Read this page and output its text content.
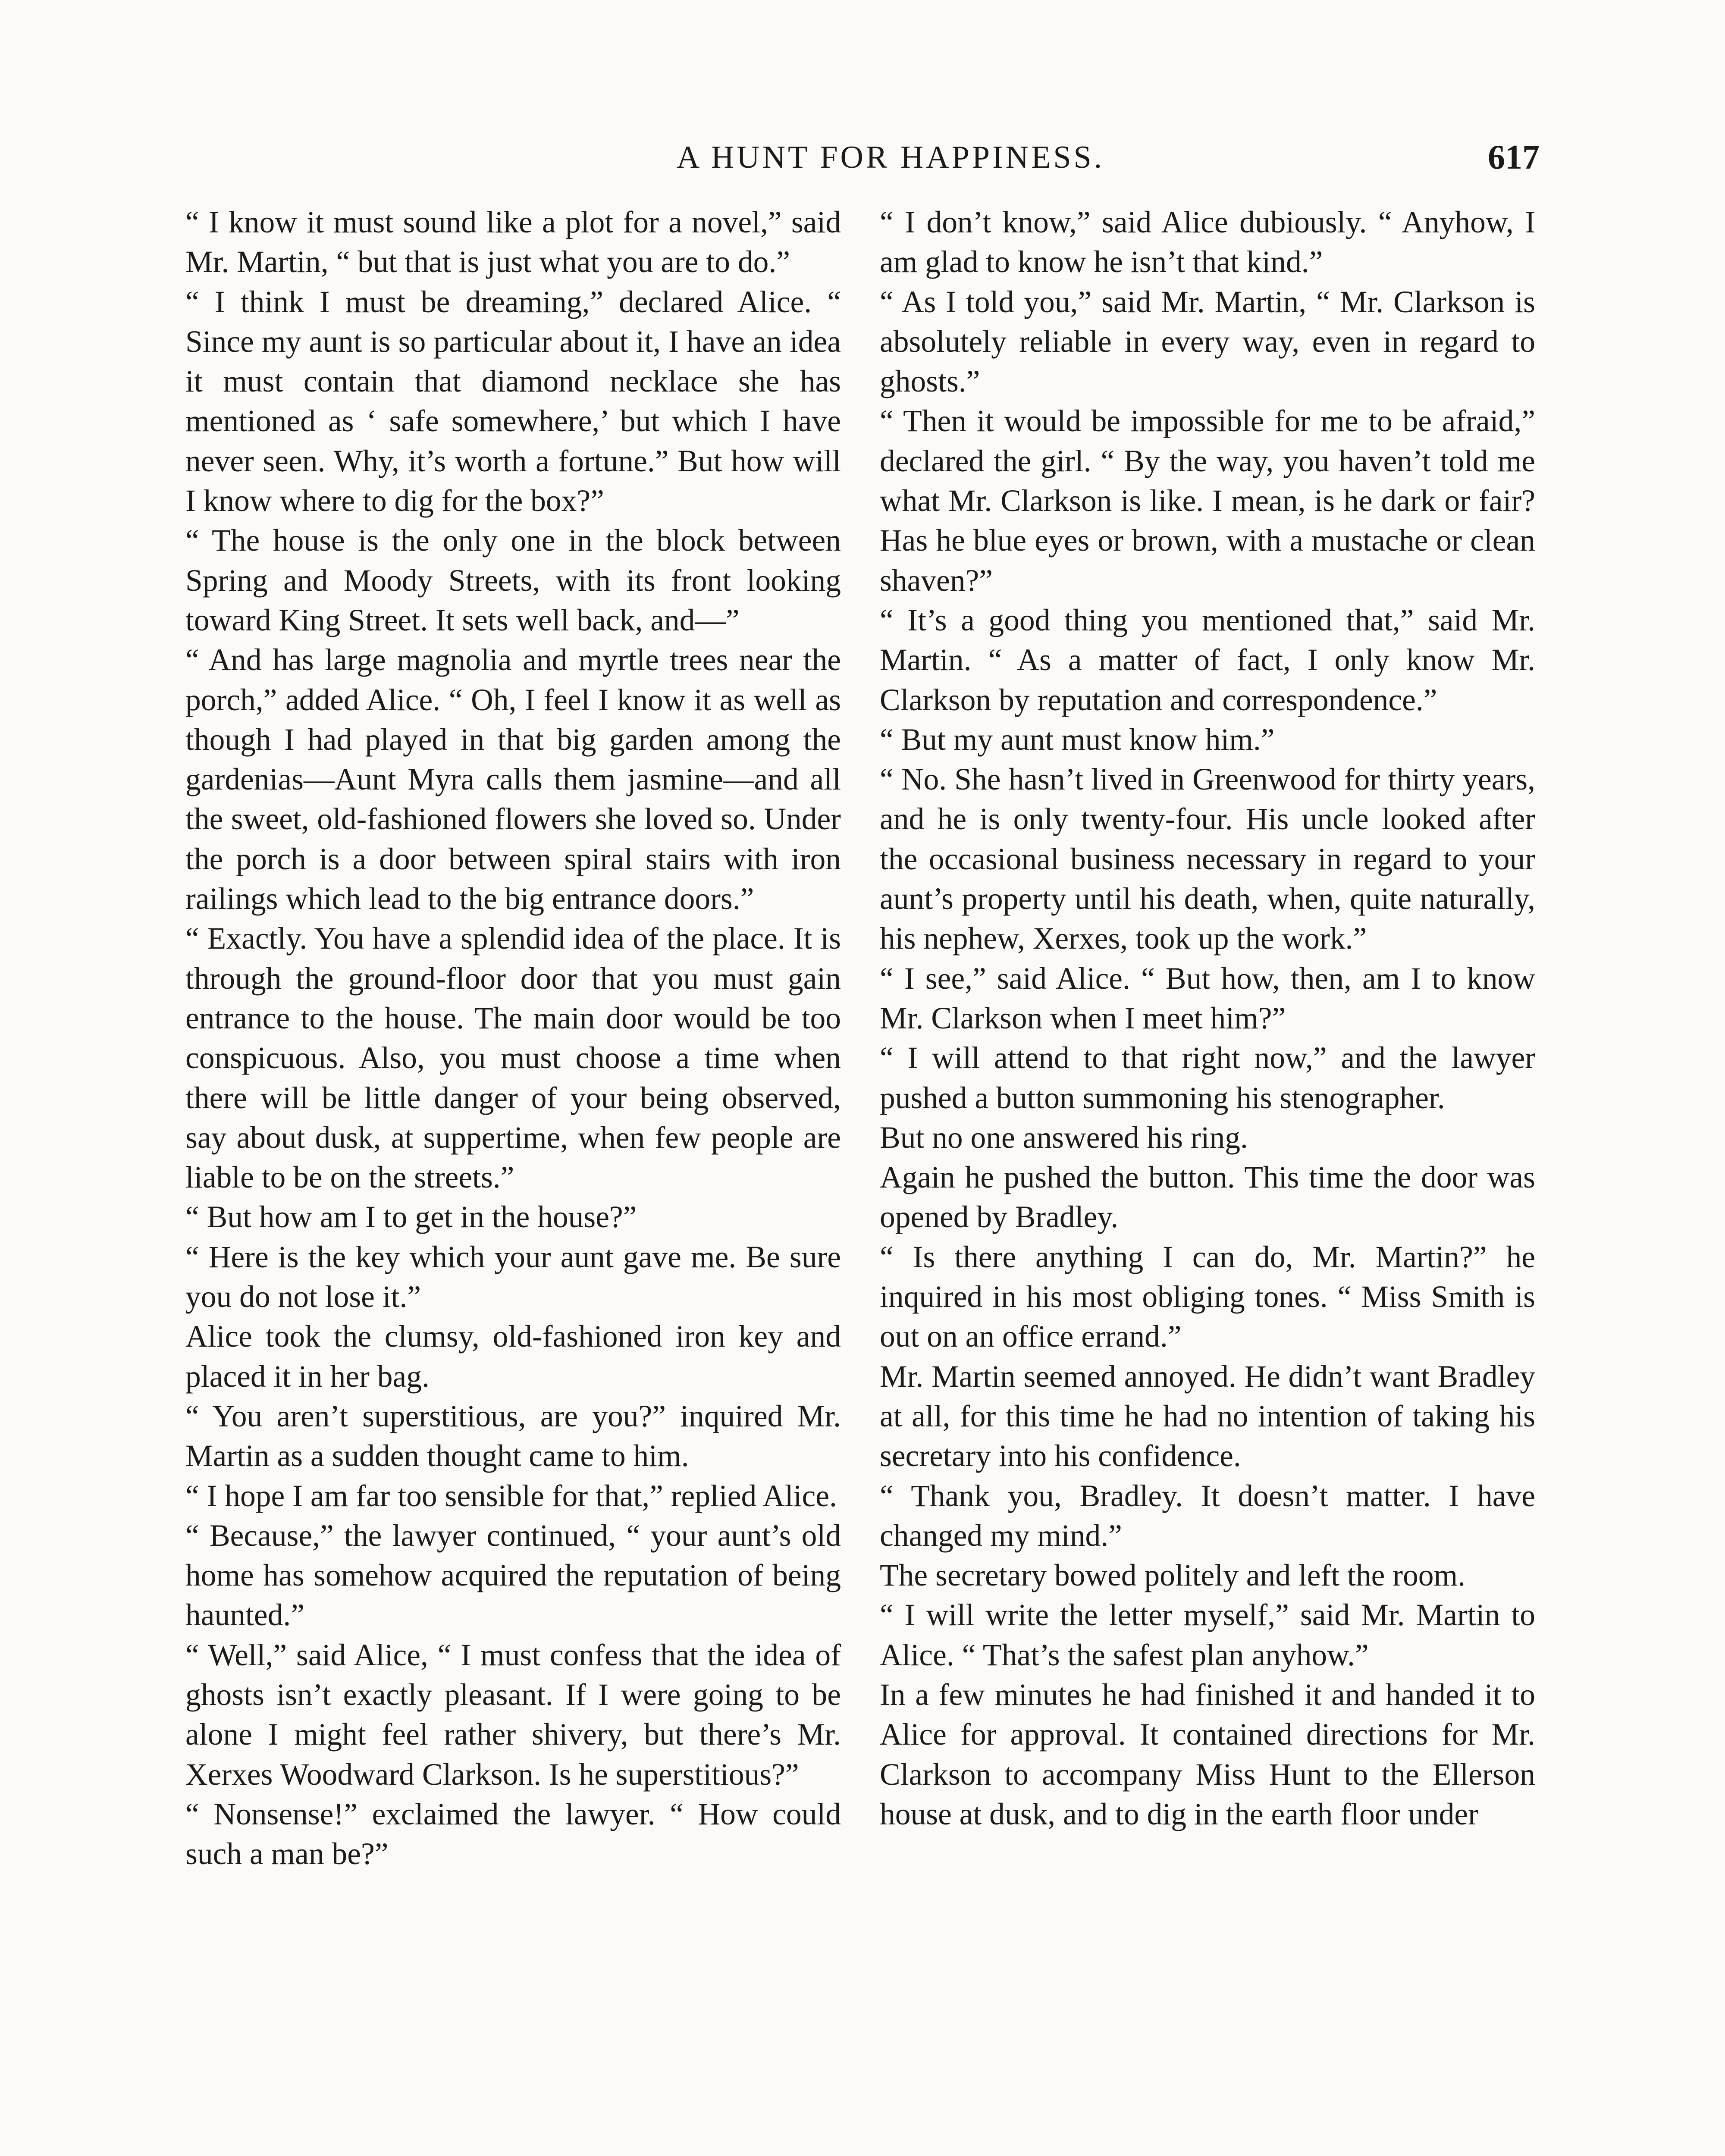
A HUNT FOR HAPPINESS.	617

“ I know it must sound like a plot for a novel,” said Mr. Martin, “ but that is just what you are to do.”

“ I think I must be dreaming,” declared Alice. “ Since my aunt is so particular about it, I have an idea it must contain that diamond necklace she has mentioned as ‘ safe somewhere,’ but which I have never seen. Why, it’s worth a fortune.” But how will I know where to dig for the box?”

“ The house is the only one in the block between Spring and Moody Streets, with its front looking toward King Street. It sets well back, and—”

“ And has large magnolia and myrtle trees near the porch,” added Alice. “ Oh, I feel I know it as well as though I had played in that big garden among the gardenias—Aunt Myra calls them jasmine—and all the sweet, old-fashioned flowers she loved so. Under the porch is a door between spiral stairs with iron railings which lead to the big entrance doors.”

“ Exactly. You have a splendid idea of the place. It is through the ground-floor door that you must gain entrance to the house. The main door would be too conspicuous. Also, you must choose a time when there will be little danger of your being observed, say about dusk, at suppertime, when few people are liable to be on the streets.”

“ But how am I to get in the house?”

“ Here is the key which your aunt gave me. Be sure you do not lose it.”

Alice took the clumsy, old-fashioned iron key and placed it in her bag.

“ You aren’t superstitious, are you?” inquired Mr. Martin as a sudden thought came to him.

“ I hope I am far too sensible for that,” replied Alice.

“ Because,” the lawyer continued, “ your aunt’s old home has somehow acquired the reputation of being haunted.”

“ Well,” said Alice, “ I must confess that the idea of ghosts isn’t exactly pleasant. If I were going to be alone I might feel rather shivery, but there’s Mr. Xerxes Woodward Clarkson. Is he superstitious?”

“ Nonsense!” exclaimed the lawyer. “ How could such a man be?”

“ I don’t know,” said Alice dubiously. “ Anyhow, I am glad to know he isn’t that kind.”

“ As I told you,” said Mr. Martin, “ Mr. Clarkson is absolutely reliable in every way, even in regard to ghosts.”

“ Then it would be impossible for me to be afraid,” declared the girl. “ By the way, you haven’t told me what Mr. Clarkson is like. I mean, is he dark or fair? Has he blue eyes or brown, with a mustache or clean shaven?”

“ It’s a good thing you mentioned that,” said Mr. Martin. “ As a matter of fact, I only know Mr. Clarkson by reputation and correspondence.”

“ But my aunt must know him.”

“ No. She hasn’t lived in Greenwood for thirty years, and he is only twenty-four. His uncle looked after the occasional business necessary in regard to your aunt’s property until his death, when, quite naturally, his nephew, Xerxes, took up the work.”

“ I see,” said Alice. “ But how, then, am I to know Mr. Clarkson when I meet him?”

“ I will attend to that right now,” and the lawyer pushed a button summoning his stenographer.

But no one answered his ring.

Again he pushed the button. This time the door was opened by Bradley.

“ Is there anything I can do, Mr. Martin?” he inquired in his most obliging tones. “ Miss Smith is out on an office errand.”

Mr. Martin seemed annoyed. He didn’t want Bradley at all, for this time he had no intention of taking his secretary into his confidence.

“ Thank you, Bradley. It doesn’t matter. I have changed my mind.”

The secretary bowed politely and left the room.

“ I will write the letter myself,” said Mr. Martin to Alice. “ That’s the safest plan anyhow.”

In a few minutes he had finished it and handed it to Alice for approval. It contained directions for Mr. Clarkson to accompany Miss Hunt to the Ellerson house at dusk, and to dig in the earth floor under
